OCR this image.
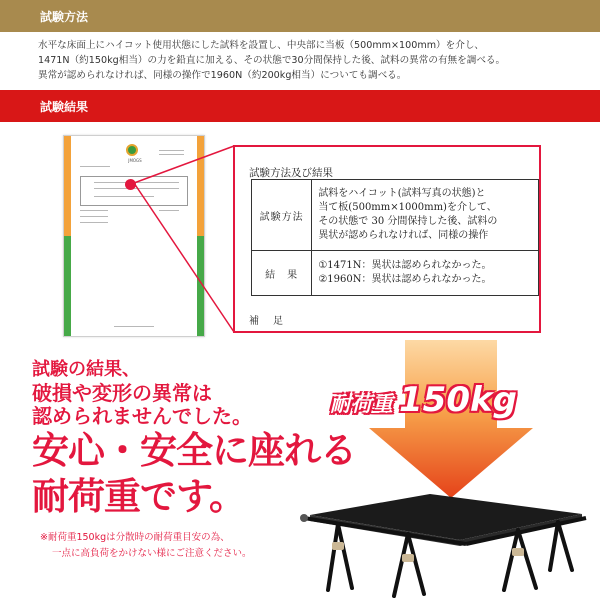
試験方法
水平な床面上にハイコット使用状態にした試料を設置し、中央部に当板（500mm×100mm）を介し、
1471N（約150kg相当）の力を鉛直に加える、その状態で30分間保持した後、試料の異常の有無を調べる。
異常が認められなければ、同様の操作で1960N（約200kg相当）についても調べる。
試験結果
JMOGS
試験方法及び結果
試験方法	試料をハイコット(試料写真の状態)と
当て板(500mm×1000mm)を介して、
その状態で 30 分間保持した後、試料の
異状が認められなければ、同様の操作

結　果	①1471N：異状は認められなかった。
②1960N：異状は認められなかった。
補　足
耐荷重 150kg
試験の結果、
破損や変形の異常は
認められませんでした。
安心・安全に座れる
耐荷重です。
※耐荷重150kgは分散時の耐荷重目安の為、
一点に高負荷をかけない様にご注意ください。
